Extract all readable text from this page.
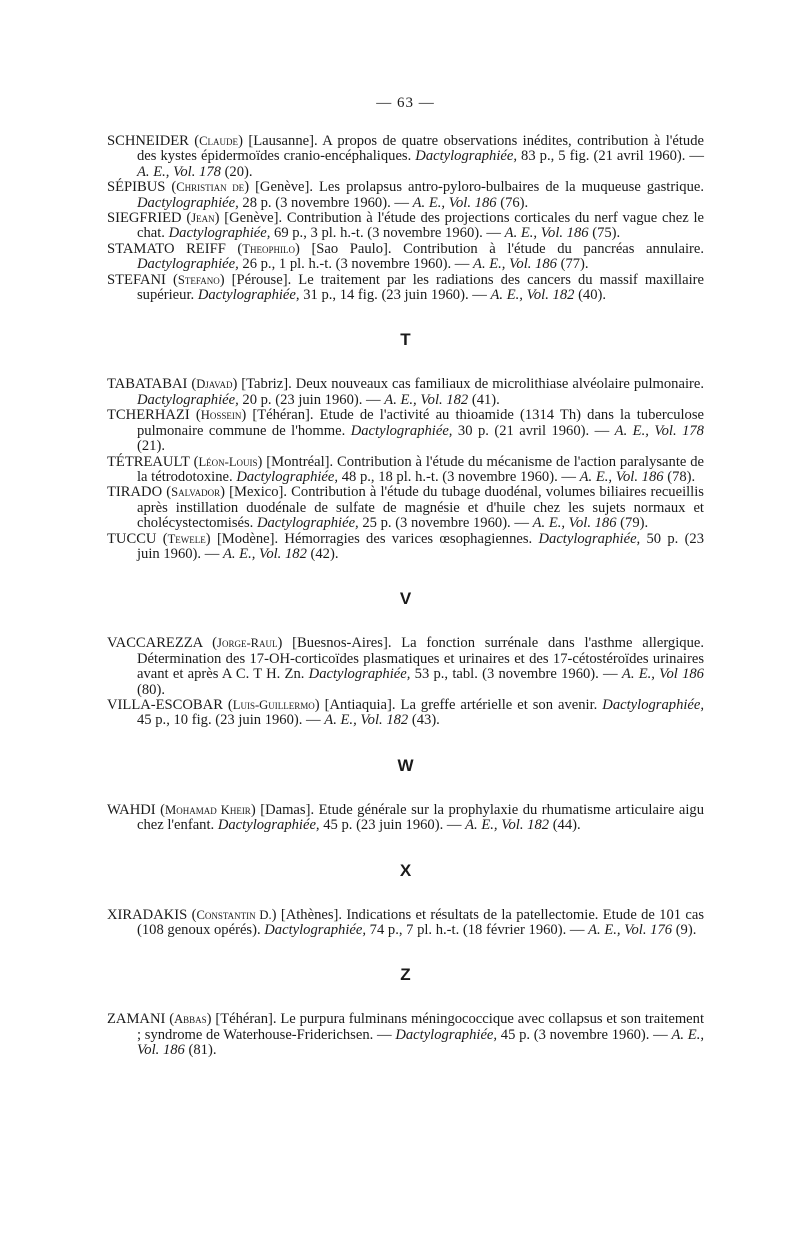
— 63 —

SCHNEIDER (Claude) [Lausanne]. A propos de quatre observations inédites, contribution à l'étude des kystes épidermoïdes cranio-encéphaliques. Dactylographiée, 83 p., 5 fig. (21 avril 1960). — A. E., Vol. 178 (20).

SÉPIBUS (Christian de) [Genève]. Les prolapsus antro-pyloro-bulbaires de la muqueuse gastrique. Dactylographiée, 28 p. (3 novembre 1960). — A. E., Vol. 186 (76).

SIEGFRIED (Jean) [Genève]. Contribution à l'étude des projections corticales du nerf vague chez le chat. Dactylographiée, 69 p., 3 pl. h.-t. (3 novembre 1960). — A. E., Vol. 186 (75).

STAMATO REIFF (Theophilo) [Sao Paulo]. Contribution à l'étude du pancréas annulaire. Dactylographiée, 26 p., 1 pl. h.-t. (3 novembre 1960). — A. E., Vol. 186 (77).

STEFANI (Stefano) [Pérouse]. Le traitement par les radiations des cancers du massif maxillaire supérieur. Dactylographiée, 31 p., 14 fig. (23 juin 1960). — A. E., Vol. 182 (40).

T

TABATABAI (Djavad) [Tabriz]. Deux nouveaux cas familiaux de microlithiase alvéolaire pulmonaire. Dactylographiée, 20 p. (23 juin 1960). — A. E., Vol. 182 (41).

TCHERHAZI (Hossein) [Téhéran]. Etude de l'activité au thioamide (1314 Th) dans la tuberculose pulmonaire commune de l'homme. Dactylographiée, 30 p. (21 avril 1960). — A. E., Vol. 178 (21).

TÉTREAULT (Léon-Louis) [Montréal]. Contribution à l'étude du mécanisme de l'action paralysante de la tétrodotoxine. Dactylographiée, 48 p., 18 pl. h.-t. (3 novembre 1960). — A. E., Vol. 186 (78).

TIRADO (Salvador) [Mexico]. Contribution à l'étude du tubage duodénal, volumes biliaires recueillis après instillation duodénale de sulfate de magnésie et d'huile chez les sujets normaux et cholécystectomisés. Dactylographiée, 25 p. (3 novembre 1960). — A. E., Vol. 186 (79).

TUCCU (Tewele) [Modène]. Hémorragies des varices œsophagiennes. Dactylographiée, 50 p. (23 juin 1960). — A. E., Vol. 182 (42).

V

VACCAREZZA (Jorge-Raul) [Buesnos-Aires]. La fonction surrénale dans l'asthme allergique. Détermination des 17-OH-corticoïdes plasmatiques et urinaires et des 17-cétostéroïdes urinaires avant et après A C. T H. Zn. Dactylographiée, 53 p., tabl. (3 novembre 1960). — A. E., Vol 186 (80).

VILLA-ESCOBAR (Luis-Guillermo) [Antiaquia]. La greffe artérielle et son avenir. Dactylographiée, 45 p., 10 fig. (23 juin 1960). — A. E., Vol. 182 (43).

W

WAHDI (Mohamad Kheir) [Damas]. Etude générale sur la prophylaxie du rhumatisme articulaire aigu chez l'enfant. Dactylographiée, 45 p. (23 juin 1960). — A. E., Vol. 182 (44).

X

XIRADAKIS (Constantin D.) [Athènes]. Indications et résultats de la patellectomie. Etude de 101 cas (108 genoux opérés). Dactylographiée, 74 p., 7 pl. h.-t. (18 février 1960). — A. E., Vol. 176 (9).

Z

ZAMANI (Abbas) [Téhéran]. Le purpura fulminans méningococcique avec collapsus et son traitement ; syndrome de Waterhouse-Friderichsen. — Dactylographiée, 45 p. (3 novembre 1960). — A. E., Vol. 186 (81).
